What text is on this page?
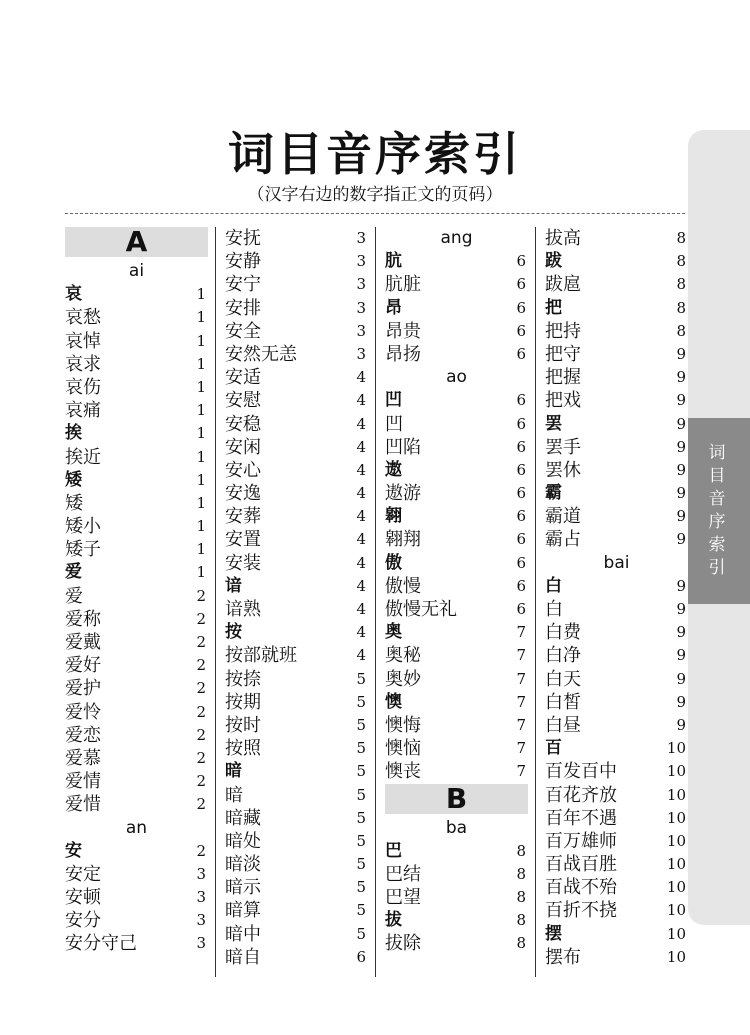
词目音序索引
词目音序索引

（汉字右边的数字指正文的页码）

A
ai
哀	1
哀愁	1
哀悼	1
哀求	1
哀伤	1
哀痛	1
挨	1
挨近	1
矮	1
矮	1
矮小	1
矮子	1
爱	1
爱	2
爱称	2
爱戴	2
爱好	2
爱护	2
爱怜	2
爱恋	2
爱慕	2
爱情	2
爱惜	2
an
安	2
安定	3
安顿	3
安分	3
安分守己	3
安抚	3
安静	3
安宁	3
安排	3
安全	3
安然无恙	3
安适	4
安慰	4
安稳	4
安闲	4
安心	4
安逸	4
安葬	4
安置	4
安装	4
谙	4
谙熟	4
按	4
按部就班	4
按捺	5
按期	5
按时	5
按照	5
暗	5
暗	5
暗藏	5
暗处	5
暗淡	5
暗示	5
暗算	5
暗中	5
暗自	6
ang
肮	6
肮脏	6
昂	6
昂贵	6
昂扬	6
ao
凹	6
凹	6
凹陷	6
遨	6
遨游	6
翱	6
翱翔	6
傲	6
傲慢	6
傲慢无礼	6
奥	7
奥秘	7
奥妙	7
懊	7
懊悔	7
懊恼	7
懊丧	7
B
ba
巴	8
巴结	8
巴望	8
拔	8
拔除	8
拔高	8
跋	8
跋扈	8
把	8
把持	8
把守	9
把握	9
把戏	9
罢	9
罢手	9
罢休	9
霸	9
霸道	9
霸占	9
bai
白	9
白	9
白费	9
白净	9
白天	9
白皙	9
白昼	9
百	10
百发百中	10
百花齐放	10
百年不遇	10
百万雄师	10
百战百胜	10
百战不殆	10
百折不挠	10
摆	10
摆布	10
